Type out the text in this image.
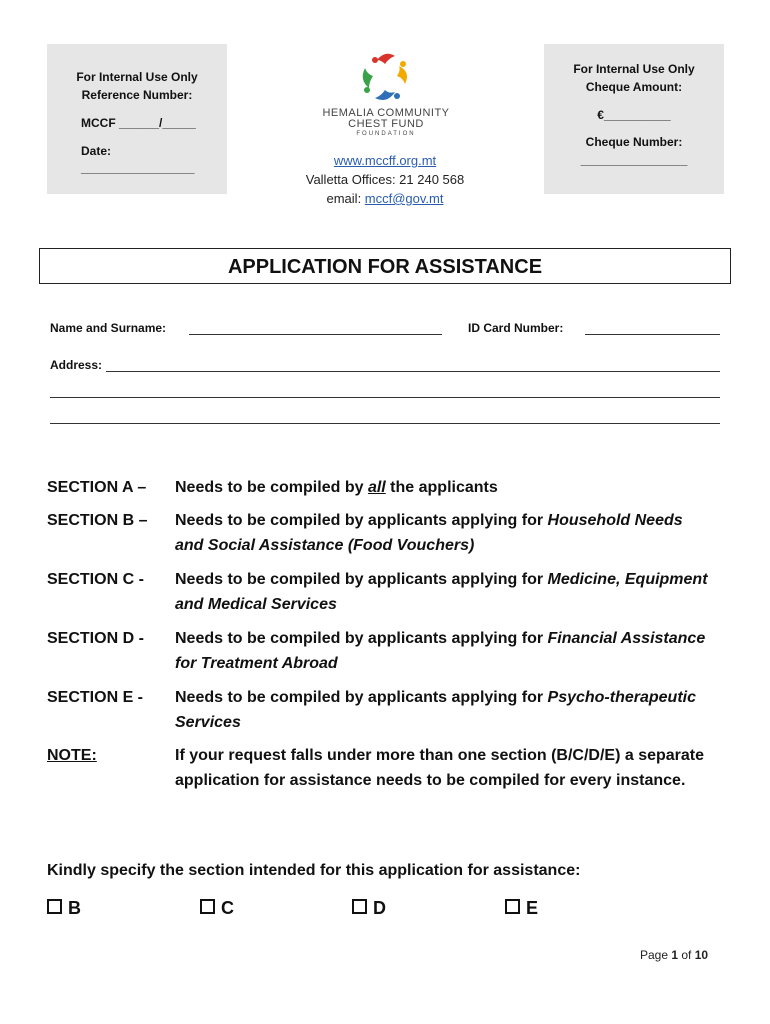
For Internal Use Only
Reference Number:
MCCF ______/_____
Date: _________________
HEMALIA COMMUNITY CHEST FUND
FOUNDATION
www.mccff.org.mt
Valletta Offices: 21 240 568
email: mccf@gov.mt
For Internal Use Only
Cheque Amount:
€__________
Cheque Number:
________________
APPLICATION FOR ASSISTANCE
Name and Surname:	ID Card Number:
Address:
SECTION A – Needs to be compiled by all the applicants
SECTION B – Needs to be compiled by applicants applying for Household Needs and Social Assistance (Food Vouchers)
SECTION C - Needs to be compiled by applicants applying for Medicine, Equipment and Medical Services
SECTION D - Needs to be compiled by applicants applying for Financial Assistance for Treatment Abroad
SECTION E - Needs to be compiled by applicants applying for Psycho-therapeutic Services
NOTE:	If your request falls under more than one section (B/C/D/E) a separate application for assistance needs to be compiled for every instance.
Kindly specify the section intended for this application for assistance:
B	C	D	E
Page 1 of 10
